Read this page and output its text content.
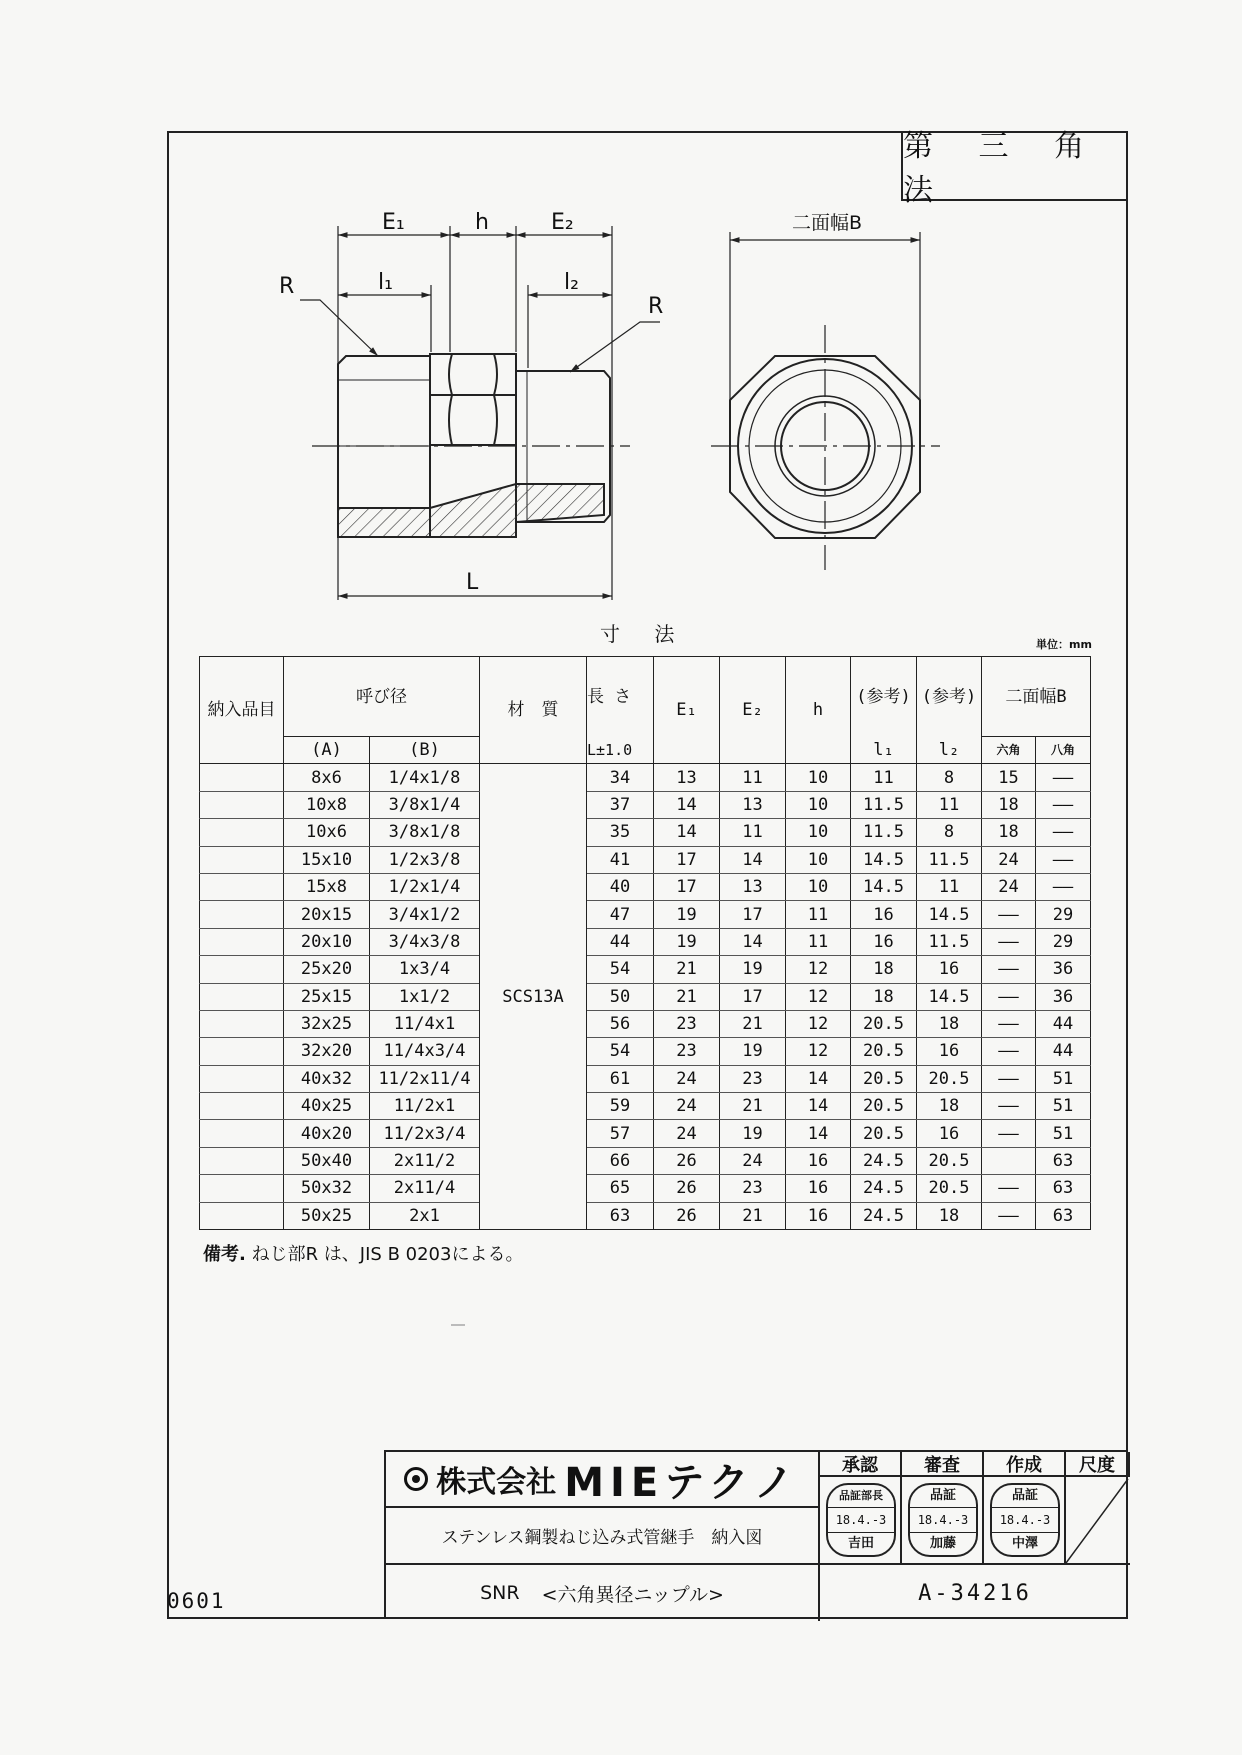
第 三 角 法
E₁	h	E₂
l₁	l₂
R
R
L
二面幅B
寸 法	単位：mm
納入品目	呼び径		材　質	長 さ	E₁	E₂	h	(参考)	(参考)	二面幅B	
	(A)	(B)		L±1.0				l₁	l₂	六角	八角
	8x6	1/4x1/8	SCS13A	34	13	11	10	11	8	15	——
	10x8	3/8x1/4		37	14	13	10	11.5	11	18	——
	10x6	3/8x1/8		35	14	11	10	11.5	8	18	——
	15x10	1/2x3/8		41	17	14	10	14.5	11.5	24	——
	15x8	1/2x1/4		40	17	13	10	14.5	11	24	——
	20x15	3/4x1/2		47	19	17	11	16	14.5	——	29
	20x10	3/4x3/8		44	19	14	11	16	11.5	——	29
	25x20	1x3/4		54	21	19	12	18	16	——	36
	25x15	1x1/2		50	21	17	12	18	14.5	——	36
	32x25	11/4x1		56	23	21	12	20.5	18	——	44
	32x20	11/4x3/4		54	23	19	12	20.5	16	——	44
	40x32	11/2x11/4		61	24	23	14	20.5	20.5	——	51
	40x25	11/2x1		59	24	21	14	20.5	18	——	51
	40x20	11/2x3/4		57	24	19	14	20.5	16	——	51
	50x40	2x11/2		66	26	24	16	24.5	20.5		63
	50x32	2x11/4		65	26	23	16	24.5	20.5	——	63
	50x25	2x1		63	26	21	16	24.5	18	——	63
備考. ねじ部R は、JIS B 0203による。
0601
株式会社 MIEテクノ
ステンレス鋼製ねじ込み式管継手　納入図
SNR <六角異径ニップル>
承認	審査	作成	尺度
品証部長
18.4.-3
吉田
品証
18.4.-3
加藤
品証
18.4.-3
中澤
A-34216
